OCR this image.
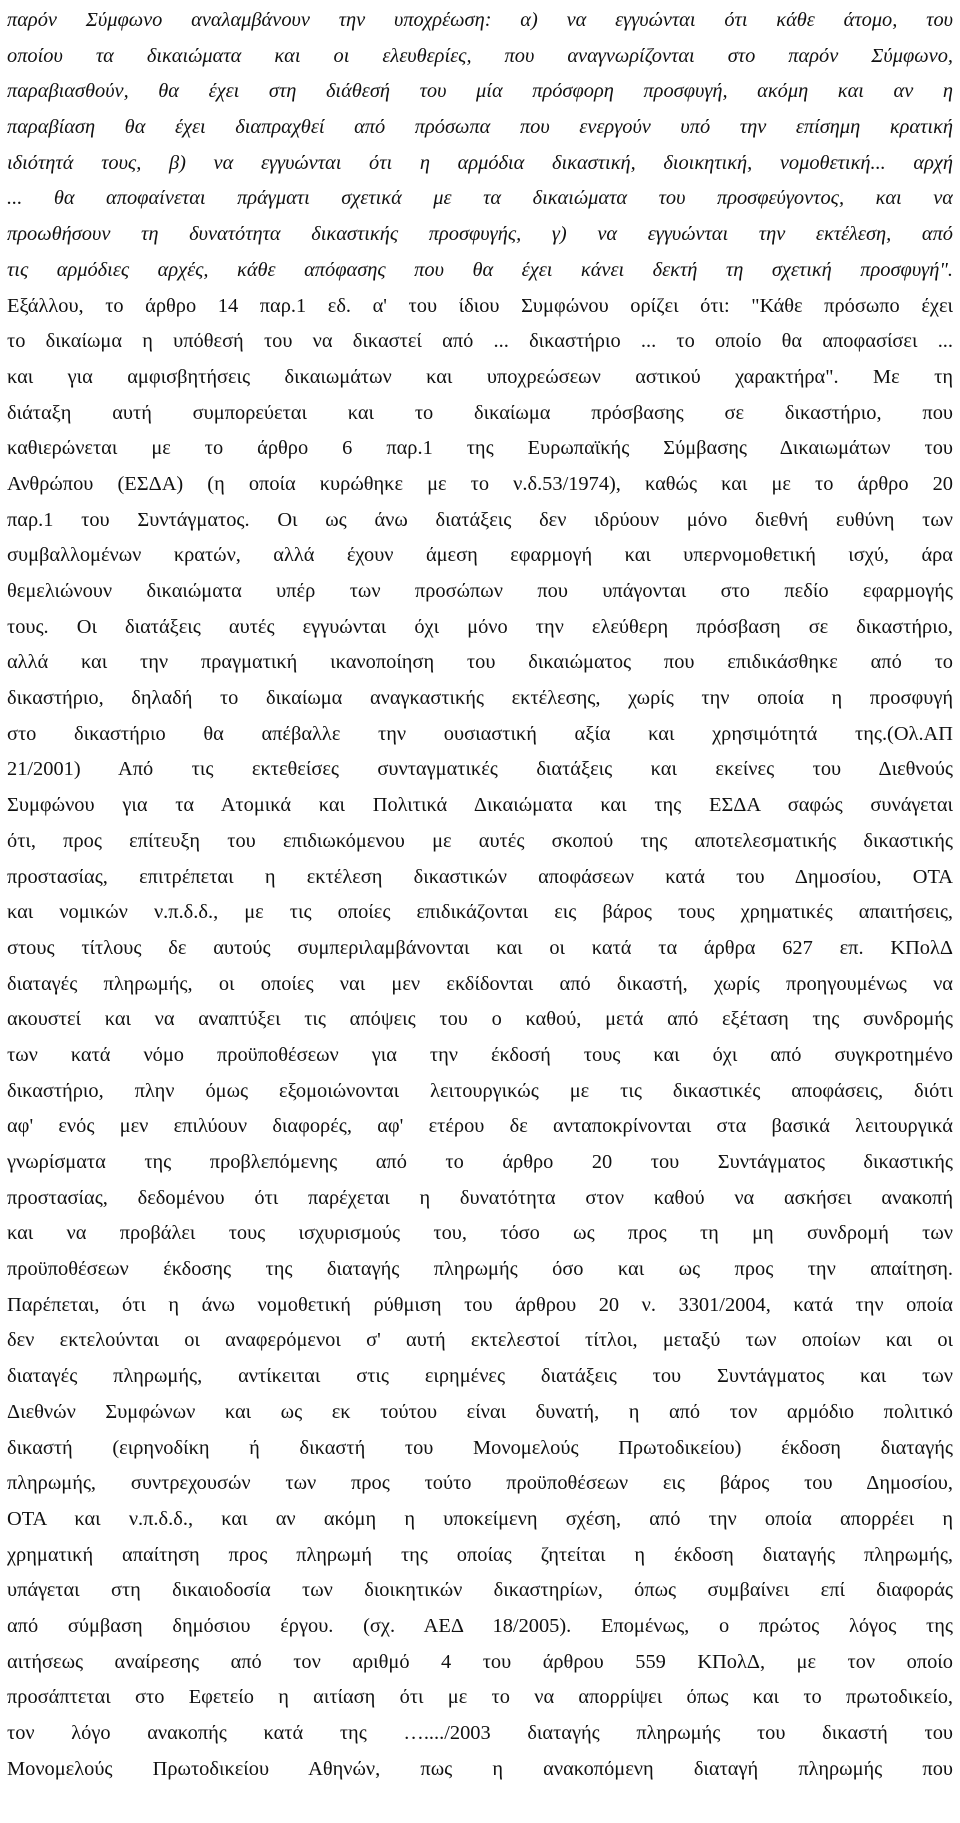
παρόν Σύμφωνο αναλαμβάνουν την υποχρέωση: α) να εγγυώνται ότι κάθε άτομο, του
οποίου τα δικαιώματα και οι ελευθερίες, που αναγνωρίζονται στο παρόν Σύμφωνο,
παραβιασθούν, θα έχει στη διάθεσή του μία πρόσφορη προσφυγή, ακόμη και αν η
παραβίαση θα έχει διαπραχθεί από πρόσωπα που ενεργούν υπό την επίσημη κρατική
ιδιότητά τους, β) να εγγυώνται ότι η αρμόδια δικαστική, διοικητική, νομοθετική... αρχή
... θα αποφαίνεται πράγματι σχετικά με τα δικαιώματα του προσφεύγοντος, και να
προωθήσουν τη δυνατότητα δικαστικής προσφυγής, γ) να εγγυώνται την εκτέλεση, από
τις αρμόδιες αρχές, κάθε απόφασης που θα έχει κάνει δεκτή τη σχετική προσφυγή".
Εξάλλου, το άρθρο 14 παρ.1 εδ. α' του ίδιου Συμφώνου ορίζει ότι: "Κάθε πρόσωπο έχει
το δικαίωμα η υπόθεσή του να δικαστεί από ... δικαστήριο ... το οποίο θα αποφασίσει ...
και για αμφισβητήσεις δικαιωμάτων και υποχρεώσεων αστικού χαρακτήρα". Με τη
διάταξη αυτή συμπορεύεται και το δικαίωμα πρόσβασης σε δικαστήριο, που
καθιερώνεται με το άρθρο 6 παρ.1 της Ευρωπαϊκής Σύμβασης Δικαιωμάτων του
Ανθρώπου (ΕΣΔΑ) (η οποία κυρώθηκε με το ν.δ.53/1974), καθώς και με το άρθρο 20
παρ.1 του Συντάγματος. Οι ως άνω διατάξεις δεν ιδρύουν μόνο διεθνή ευθύνη των
συμβαλλομένων κρατών, αλλά έχουν άμεση εφαρμογή και υπερνομοθετική ισχύ, άρα
θεμελιώνουν δικαιώματα υπέρ των προσώπων που υπάγονται στο πεδίο εφαρμογής
τους. Οι διατάξεις αυτές εγγυώνται όχι μόνο την ελεύθερη πρόσβαση σε δικαστήριο,
αλλά και την πραγματική ικανοποίηση του δικαιώματος που επιδικάσθηκε από το
δικαστήριο, δηλαδή το δικαίωμα αναγκαστικής εκτέλεσης, χωρίς την οποία η προσφυγή
στο δικαστήριο θα απέβαλλε την ουσιαστική αξία και χρησιμότητά της.(Ολ.ΑΠ
21/2001) Από τις εκτεθείσες συνταγματικές διατάξεις και εκείνες του Διεθνούς
Συμφώνου για τα Ατομικά και Πολιτικά Δικαιώματα και της ΕΣΔΑ σαφώς συνάγεται
ότι, προς επίτευξη του επιδιωκόμενου με αυτές σκοπού της αποτελεσματικής δικαστικής
προστασίας, επιτρέπεται η εκτέλεση δικαστικών αποφάσεων κατά του Δημοσίου, ΟΤΑ
και νομικών ν.π.δ.δ., με τις οποίες επιδικάζονται εις βάρος τους χρηματικές απαιτήσεις,
στους τίτλους δε αυτούς συμπεριλαμβάνονται και οι κατά τα άρθρα 627 επ. ΚΠολΔ
διαταγές πληρωμής, οι οποίες ναι μεν εκδίδονται από δικαστή, χωρίς προηγουμένως να
ακουστεί και να αναπτύξει τις απόψεις του ο καθού, μετά από εξέταση της συνδρομής
των κατά νόμο προϋποθέσεων για την έκδοσή τους και όχι από συγκροτημένο
δικαστήριο, πλην όμως εξομοιώνονται λειτουργικώς με τις δικαστικές αποφάσεις, διότι
αφ' ενός μεν επιλύουν διαφορές, αφ' ετέρου δε ανταποκρίνονται στα βασικά λειτουργικά
γνωρίσματα της προβλεπόμενης από το άρθρο 20 του Συντάγματος δικαστικής
προστασίας, δεδομένου ότι παρέχεται η δυνατότητα στον καθού να ασκήσει ανακοπή
και να προβάλει τους ισχυρισμούς του, τόσο ως προς τη μη συνδρομή των
προϋποθέσεων έκδοσης της διαταγής πληρωμής όσο και ως προς την απαίτηση.
Παρέπεται, ότι η άνω νομοθετική ρύθμιση του άρθρου 20 ν. 3301/2004, κατά την οποία
δεν εκτελούνται οι αναφερόμενοι σ' αυτή εκτελεστοί τίτλοι, μεταξύ των οποίων και οι
διαταγές πληρωμής, αντίκειται στις ειρημένες διατάξεις του Συντάγματος και των
Διεθνών Συμφώνων και ως εκ τούτου είναι δυνατή, η από τον αρμόδιο πολιτικό
δικαστή (ειρηνοδίκη ή δικαστή του Μονομελούς Πρωτοδικείου) έκδοση διαταγής
πληρωμής, συντρεχουσών των προς τούτο προϋποθέσεων εις βάρος του Δημοσίου,
ΟΤΑ και ν.π.δ.δ., και αν ακόμη η υποκείμενη σχέση, από την οποία απορρέει η
χρηματική απαίτηση προς πληρωμή της οποίας ζητείται η έκδοση διαταγής πληρωμής,
υπάγεται στη δικαιοδοσία των διοικητικών δικαστηρίων, όπως συμβαίνει επί διαφοράς
από σύμβαση δημόσιου έργου. (σχ. ΑΕΔ 18/2005). Επομένως, ο πρώτος λόγος της
αιτήσεως αναίρεσης από τον αριθμό 4 του άρθρου 559 ΚΠολΔ, με τον οποίο
προσάπτεται στο Εφετείο η αιτίαση ότι με το να απορρίψει όπως και το πρωτοδικείο,
τον λόγο ανακοπής κατά της …..../2003 διαταγής πληρωμής του δικαστή του
Μονομελούς Πρωτοδικείου Αθηνών, πως η ανακοπόμενη διαταγή πληρωμής που
